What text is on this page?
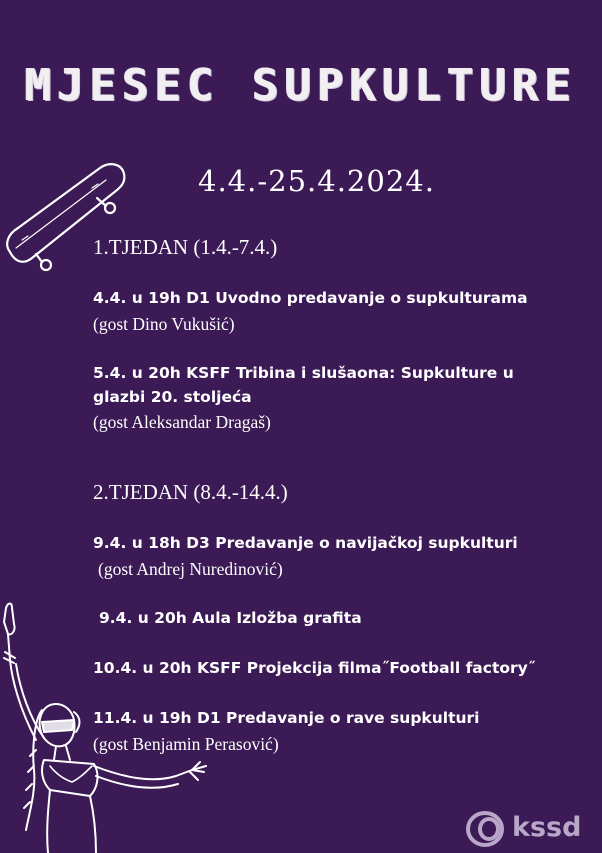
MJESEC SUPKULTURE
4.4.-25.4.2024.
1.TJEDAN (1.4.-7.4.)
4.4. u 19h D1 Uvodno predavanje o supkulturama
(gost Dino Vukušić)
5.4. u 20h KSFF Tribina i slušaona: Supkulture u
glazbi 20. stoljeća
(gost Aleksandar Dragaš)
2.TJEDAN (8.4.-14.4.)
9.4. u 18h D3 Predavanje o navijačkoj supkulturi
(gost Andrej Nuredinović)
9.4. u 20h Aula Izložba grafita
10.4. u 20h KSFF Projekcija filma˝Football factory˝
11.4. u 19h D1 Predavanje o rave supkulturi
(gost Benjamin Perasović)
kssd
